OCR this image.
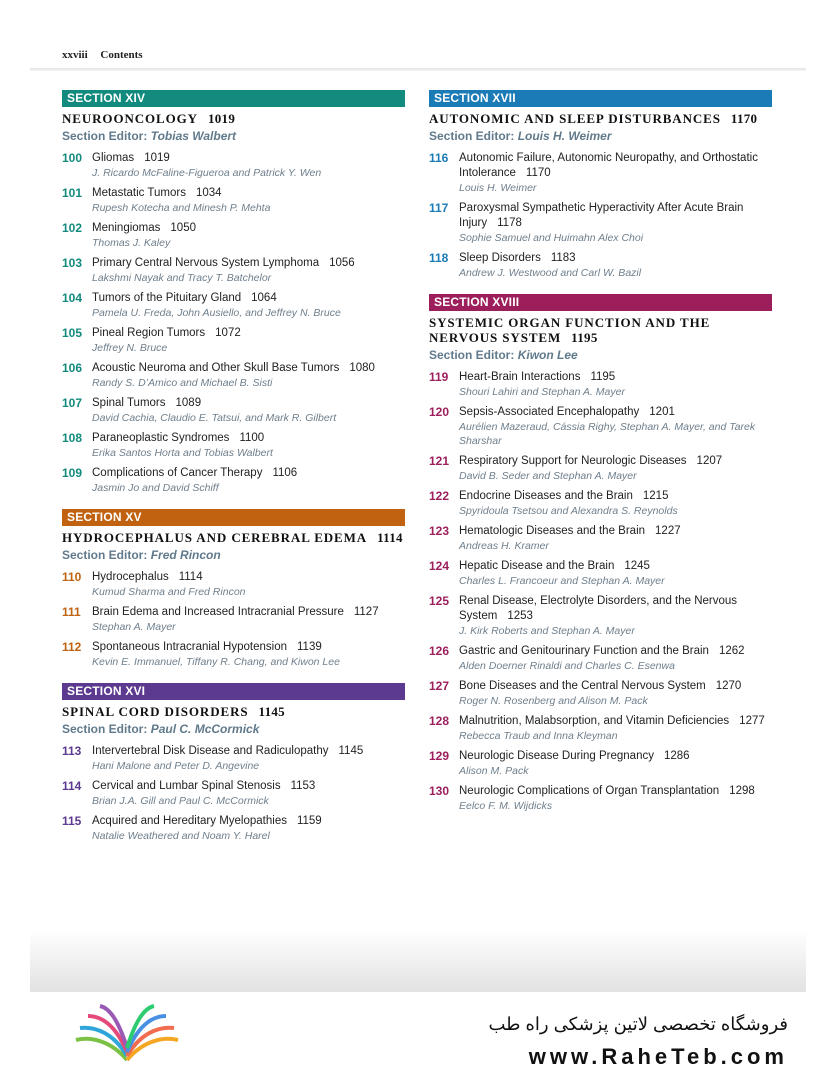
xxviii Contents
SECTION XIV
NEUROONCOLOGY 1019
Section Editor: Tobias Walbert
100 Gliomas 1019
J. Ricardo McFaline-Figueroa and Patrick Y. Wen
101 Metastatic Tumors 1034
Rupesh Kotecha and Minesh P. Mehta
102 Meningiomas 1050
Thomas J. Kaley
103 Primary Central Nervous System Lymphoma 1056
Lakshmi Nayak and Tracy T. Batchelor
104 Tumors of the Pituitary Gland 1064
Pamela U. Freda, John Ausiello, and Jeffrey N. Bruce
105 Pineal Region Tumors 1072
Jeffrey N. Bruce
106 Acoustic Neuroma and Other Skull Base Tumors 1080
Randy S. D’Amico and Michael B. Sisti
107 Spinal Tumors 1089
David Cachia, Claudio E. Tatsui, and Mark R. Gilbert
108 Paraneoplastic Syndromes 1100
Erika Santos Horta and Tobias Walbert
109 Complications of Cancer Therapy 1106
Jasmin Jo and David Schiff
SECTION XV
HYDROCEPHALUS AND CEREBRAL EDEMA 1114
Section Editor: Fred Rincon
110 Hydrocephalus 1114
Kumud Sharma and Fred Rincon
111 Brain Edema and Increased Intracranial Pressure 1127
Stephan A. Mayer
112 Spontaneous Intracranial Hypotension 1139
Kevin E. Immanuel, Tiffany R. Chang, and Kiwon Lee
SECTION XVI
SPINAL CORD DISORDERS 1145
Section Editor: Paul C. McCormick
113 Intervertebral Disk Disease and Radiculopathy 1145
Hani Malone and Peter D. Angevine
114 Cervical and Lumbar Spinal Stenosis 1153
Brian J.A. Gill and Paul C. McCormick
115 Acquired and Hereditary Myelopathies 1159
Natalie Weathered and Noam Y. Harel
SECTION XVII
AUTONOMIC AND SLEEP DISTURBANCES 1170
Section Editor: Louis H. Weimer
116 Autonomic Failure, Autonomic Neuropathy, and Orthostatic Intolerance 1170
Louis H. Weimer
117 Paroxysmal Sympathetic Hyperactivity After Acute Brain Injury 1178
Sophie Samuel and Huimahn Alex Choi
118 Sleep Disorders 1183
Andrew J. Westwood and Carl W. Bazil
SECTION XVIII
SYSTEMIC ORGAN FUNCTION AND THE NERVOUS SYSTEM 1195
Section Editor: Kiwon Lee
119 Heart-Brain Interactions 1195
Shouri Lahiri and Stephan A. Mayer
120 Sepsis-Associated Encephalopathy 1201
Aurélien Mazeraud, Cássia Righy, Stephan A. Mayer, and Tarek Sharshar
121 Respiratory Support for Neurologic Diseases 1207
David B. Seder and Stephan A. Mayer
122 Endocrine Diseases and the Brain 1215
Spyridoula Tsetsou and Alexandra S. Reynolds
123 Hematologic Diseases and the Brain 1227
Andreas H. Kramer
124 Hepatic Disease and the Brain 1245
Charles L. Francoeur and Stephan A. Mayer
125 Renal Disease, Electrolyte Disorders, and the Nervous System 1253
J. Kirk Roberts and Stephan A. Mayer
126 Gastric and Genitourinary Function and the Brain 1262
Alden Doerner Rinaldi and Charles C. Esenwa
127 Bone Diseases and the Central Nervous System 1270
Roger N. Rosenberg and Alison M. Pack
128 Malnutrition, Malabsorption, and Vitamin Deficiencies 1277
Rebecca Traub and Inna Kleyman
129 Neurologic Disease During Pregnancy 1286
Alison M. Pack
130 Neurologic Complications of Organ Transplantation 1298
Eelco F. M. Wijdicks
فروشگاه تخصصی لاتین پزشکی راه طب
www.RaheTeb.com
